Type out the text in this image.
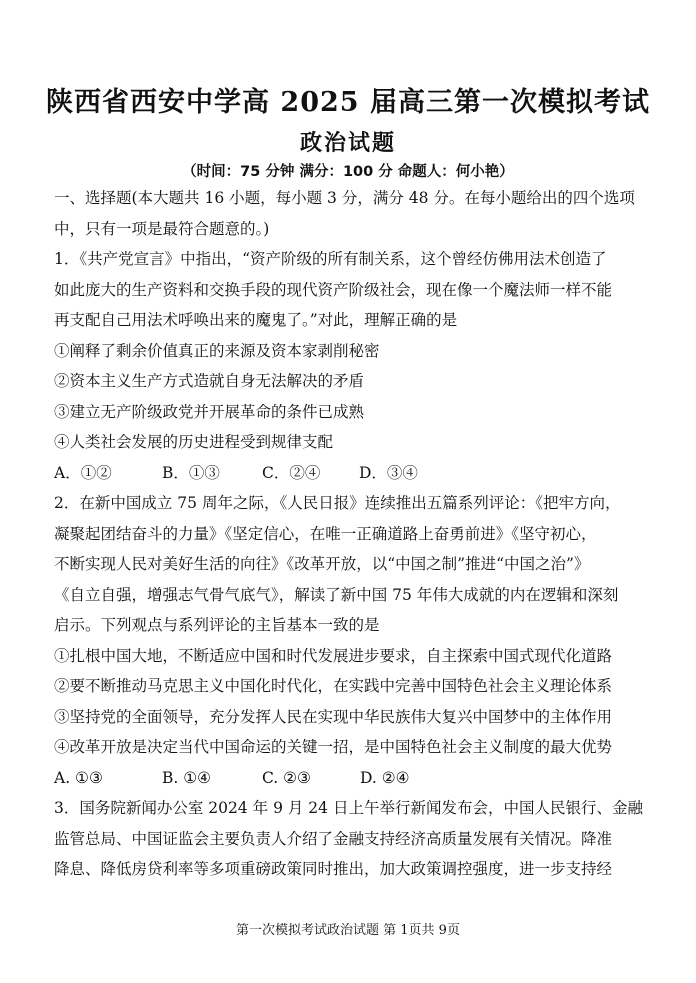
陕西省西安中学高 2025 届高三第一次模拟考试
政治试题
（时间：75 分钟 满分：100 分 命题人：何小艳）
一、选择题(本大题共 16 小题，每小题 3 分，满分 48 分。在每小题给出的四个选项
中，只有一项是最符合题意的。)
1．《共产党宣言》中指出，“资产阶级的所有制关系，这个曾经仿佛用法术创造了
如此庞大的生产资料和交换手段的现代资产阶级社会，现在像一个魔法师一样不能
再支配自己用法术呼唤出来的魔鬼了。”对此，理解正确的是
①阐释了剩余价值真正的来源及资本家剥削秘密
②资本主义生产方式造就自身无法解决的矛盾
③建立无产阶级政党并开展革命的条件已成熟
④人类社会发展的历史进程受到规律支配
A．①②	B．①③	C．②④	D．③④
2．在新中国成立 75 周年之际，《人民日报》连续推出五篇系列评论：《把牢方向，
凝聚起团结奋斗的力量》《坚定信心，在唯一正确道路上奋勇前进》《坚守初心，
不断实现人民对美好生活的向往》《改革开放，以“中国之制”推进“中国之治”》
《自立自强，增强志气骨气底气》，解读了新中国 75 年伟大成就的内在逻辑和深刻
启示。下列观点与系列评论的主旨基本一致的是
①扎根中国大地，不断适应中国和时代发展进步要求，自主探索中国式现代化道路
②要不断推动马克思主义中国化时代化，在实践中完善中国特色社会主义理论体系
③坚持党的全面领导，充分发挥人民在实现中华民族伟大复兴中国梦中的主体作用
④改革开放是决定当代中国命运的关键一招，是中国特色社会主义制度的最大优势
A. ①③	B. ①④	C. ②③	D. ②④
3．国务院新闻办公室 2024 年 9 月 24 日上午举行新闻发布会，中国人民银行、金融
监管总局、中国证监会主要负责人介绍了金融支持经济高质量发展有关情况。降准
降息、降低房贷利率等多项重磅政策同时推出，加大政策调控强度，进一步支持经
第一次模拟考试政治试题 第 1页共 9页
